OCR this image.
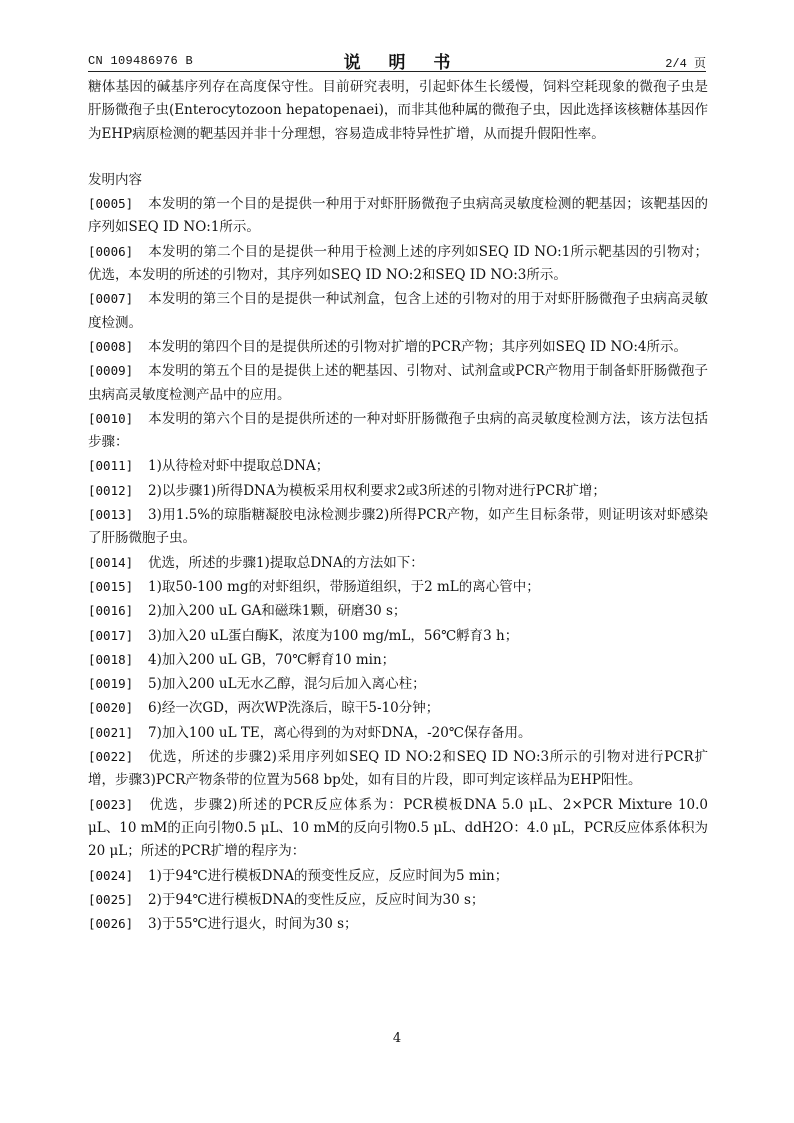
CN 109486976 B	说 明 书	2/4 页

糖体基因的碱基序列存在高度保守性。目前研究表明，引起虾体生长缓慢，饲料空耗现象的微孢子虫是肝肠微孢子虫(Enterocytozoon hepatopenaei)，而非其他种属的微孢子虫，因此选择该核糖体基因作为EHP病原检测的靶基因并非十分理想，容易造成非特异性扩增，从而提升假阳性率。

发明内容

[0005] 本发明的第一个目的是提供一种用于对虾肝肠微孢子虫病高灵敏度检测的靶基因；该靶基因的序列如SEQ ID NO:1所示。

[0006] 本发明的第二个目的是提供一种用于检测上述的序列如SEQ ID NO:1所示靶基因的引物对；优选，本发明的所述的引物对，其序列如SEQ ID NO:2和SEQ ID NO:3所示。

[0007] 本发明的第三个目的是提供一种试剂盒，包含上述的引物对的用于对虾肝肠微孢子虫病高灵敏度检测。

[0008] 本发明的第四个目的是提供所述的引物对扩增的PCR产物；其序列如SEQ ID NO:4所示。

[0009] 本发明的第五个目的是提供上述的靶基因、引物对、试剂盒或PCR产物用于制备虾肝肠微孢子虫病高灵敏度检测产品中的应用。

[0010] 本发明的第六个目的是提供所述的一种对虾肝肠微孢子虫病的高灵敏度检测方法，该方法包括步骤：

[0011] 1)从待检对虾中提取总DNA；

[0012] 2)以步骤1)所得DNA为模板采用权利要求2或3所述的引物对进行PCR扩增；

[0013] 3)用1.5%的琼脂糖凝胶电泳检测步骤2)所得PCR产物，如产生目标条带，则证明该对虾感染了肝肠微胞子虫。

[0014] 优选，所述的步骤1)提取总DNA的方法如下：

[0015] 1)取50-100 mg的对虾组织，带肠道组织，于2 mL的离心管中；

[0016] 2)加入200 uL GA和磁珠1颗，研磨30 s；

[0017] 3)加入20 uL蛋白酶K，浓度为100 mg/mL，56℃孵育3 h；

[0018] 4)加入200 uL GB，70℃孵育10 min；

[0019] 5)加入200 uL无水乙醇，混匀后加入离心柱；

[0020] 6)经一次GD，两次WP洗涤后，晾干5-10分钟；

[0021] 7)加入100 uL TE，离心得到的为对虾DNA，-20℃保存备用。

[0022] 优选，所述的步骤2)采用序列如SEQ ID NO:2和SEQ ID NO:3所示的引物对进行PCR扩增，步骤3)PCR产物条带的位置为568 bp处，如有目的片段，即可判定该样品为EHP阳性。

[0023] 优选，步骤2)所述的PCR反应体系为：PCR模板DNA 5.0 μL、2×PCR Mixture 10.0 μL、10 mM的正向引物0.5 μL、10 mM的反向引物0.5 μL、ddH2O：4.0 μL，PCR反应体系体积为20 μL；所述的PCR扩增的程序为：

[0024] 1)于94℃进行模板DNA的预变性反应，反应时间为5 min；

[0025] 2)于94℃进行模板DNA的变性反应，反应时间为30 s；

[0026] 3)于55℃进行退火，时间为30 s；

4
